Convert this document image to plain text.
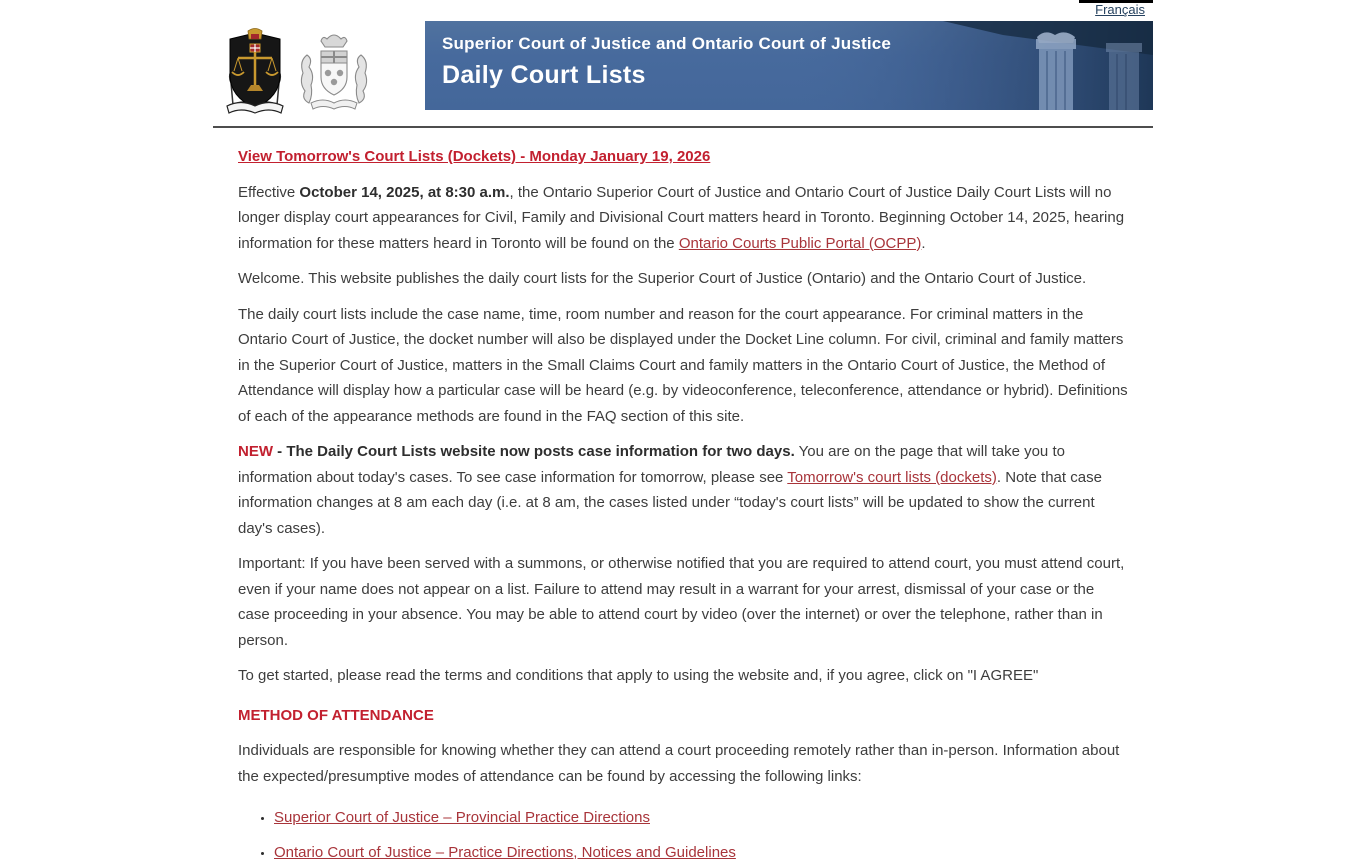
Français
Superior Court of Justice and Ontario Court of Justice
Daily Court Lists

View Tomorrow's Court Lists (Dockets) - Monday January 19, 2026

Effective October 14, 2025, at 8:30 a.m., the Ontario Superior Court of Justice and Ontario Court of Justice Daily Court Lists will no longer display court appearances for Civil, Family and Divisional Court matters heard in Toronto. Beginning October 14, 2025, hearing information for these matters heard in Toronto will be found on the Ontario Courts Public Portal (OCPP).

Welcome. This website publishes the daily court lists for the Superior Court of Justice (Ontario) and the Ontario Court of Justice.

The daily court lists include the case name, time, room number and reason for the court appearance. For criminal matters in the Ontario Court of Justice, the docket number will also be displayed under the Docket Line column. For civil, criminal and family matters in the Superior Court of Justice, matters in the Small Claims Court and family matters in the Ontario Court of Justice, the Method of Attendance will display how a particular case will be heard (e.g. by videoconference, teleconference, attendance or hybrid). Definitions of each of the appearance methods are found in the FAQ section of this site.

NEW - The Daily Court Lists website now posts case information for two days. You are on the page that will take you to information about today's cases. To see case information for tomorrow, please see Tomorrow's court lists (dockets). Note that case information changes at 8 am each day (i.e. at 8 am, the cases listed under “today's court lists” will be updated to show the current day's cases).

Important: If you have been served with a summons, or otherwise notified that you are required to attend court, you must attend court, even if your name does not appear on a list. Failure to attend may result in a warrant for your arrest, dismissal of your case or the case proceeding in your absence. You may be able to attend court by video (over the internet) or over the telephone, rather than in person.

To get started, please read the terms and conditions that apply to using the website and, if you agree, click on "I AGREE"

METHOD OF ATTENDANCE

Individuals are responsible for knowing whether they can attend a court proceeding remotely rather than in-person. Information about the expected/presumptive modes of attendance can be found by accessing the following links:

• Superior Court of Justice – Provincial Practice Directions
• Ontario Court of Justice – Practice Directions, Notices and Guidelines
